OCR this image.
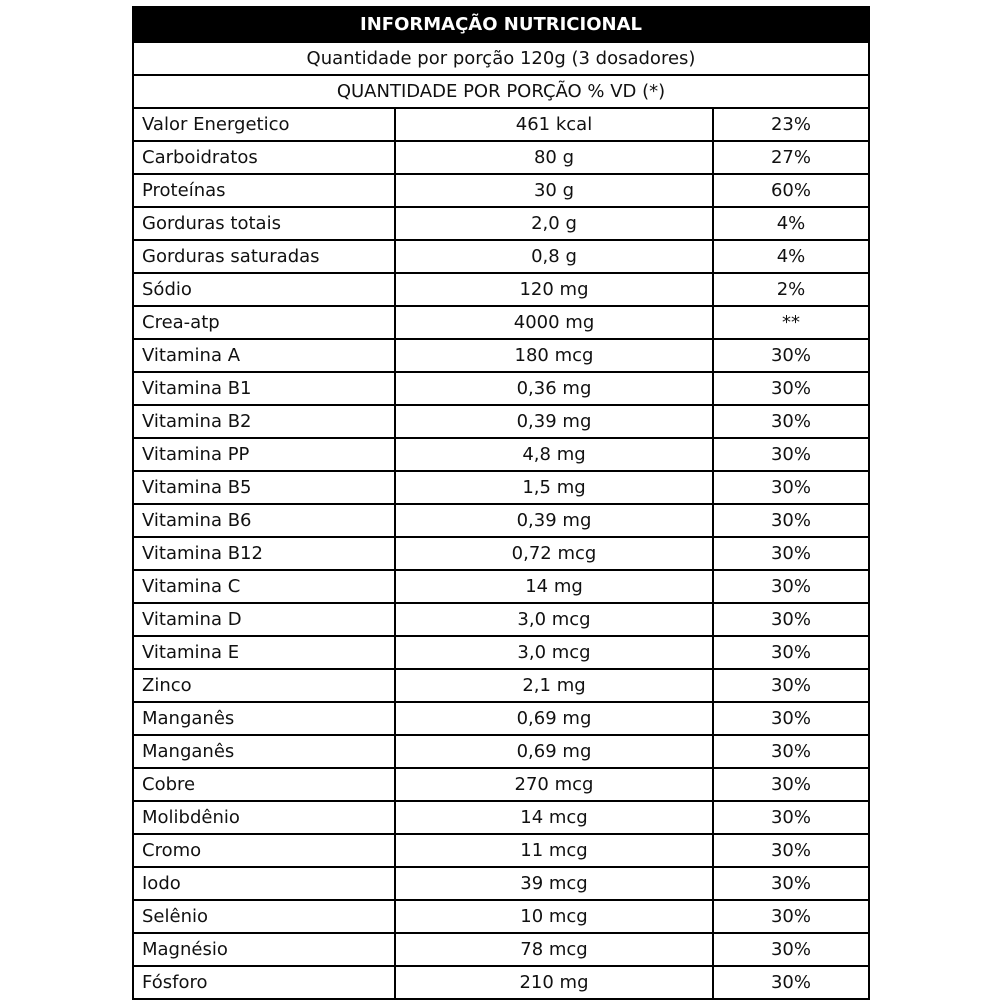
INFORMAÇÃO NUTRICIONAL		
Quantidade por porção 120g (3 dosadores)		
QUANTIDADE POR PORÇÃO % VD (*)		
Valor Energetico	461 kcal	23%
Carboidratos	80 g	27%
Proteínas	30 g	60%
Gorduras totais	2,0 g	4%
Gorduras saturadas	0,8 g	4%
Sódio	120 mg	2%
Crea-atp	4000 mg	**
Vitamina A	180 mcg	30%
Vitamina B1	0,36 mg	30%
Vitamina B2	0,39 mg	30%
Vitamina PP	4,8 mg	30%
Vitamina B5	1,5 mg	30%
Vitamina B6	0,39 mg	30%
Vitamina B12	0,72 mcg	30%
Vitamina C	14 mg	30%
Vitamina D	3,0 mcg	30%
Vitamina E	3,0 mcg	30%
Zinco	2,1 mg	30%
Manganês	0,69 mg	30%
Manganês	0,69 mg	30%
Cobre	270 mcg	30%
Molibdênio	14 mcg	30%
Cromo	11 mcg	30%
Iodo	39 mcg	30%
Selênio	10 mcg	30%
Magnésio	78 mcg	30%
Fósforo	210 mg	30%
